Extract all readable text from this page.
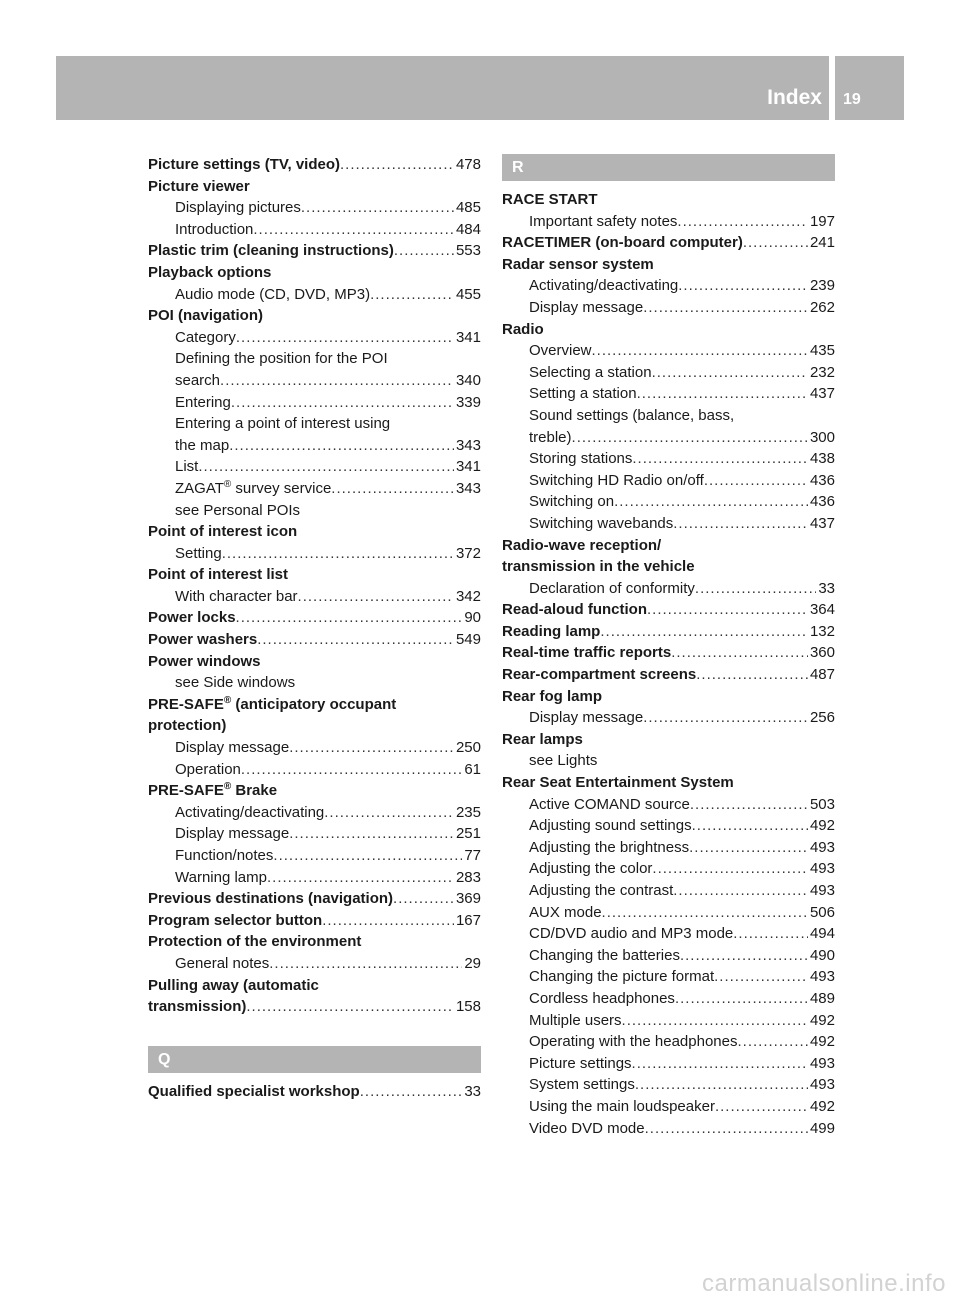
Index 19
Picture settings (TV, video) .....	478
Picture viewer
Displaying pictures .....	485
Introduction .....	484
Plastic trim (cleaning instructions) .....	553
Playback options
Audio mode (CD, DVD, MP3) .....	455
POI (navigation)
Category .....	341
Defining the position for the POI
search .....	340
Entering .....	339
Entering a point of interest using
the map .....	343
List .....	341
ZAGAT® survey service .....	343
see Personal POIs
Point of interest icon
Setting .....	372
Point of interest list
With character bar .....	342
Power locks .....	90
Power washers .....	549
Power windows
see Side windows
PRE-SAFE® (anticipatory occupant
protection)
Display message .....	250
Operation .....	61
PRE-SAFE® Brake
Activating/deactivating .....	235
Display message .....	251
Function/notes .....	77
Warning lamp .....	283
Previous destinations (navigation) .....	369
Program selector button .....	167
Protection of the environment
General notes .....	29
Pulling away (automatic
transmission) .....	158
Q
Qualified specialist workshop .....	33
R
RACE START
Important safety notes .....	197
RACETIMER (on-board computer) .....	241
Radar sensor system
Activating/deactivating .....	239
Display message .....	262
Radio
Overview .....	435
Selecting a station .....	232
Setting a station .....	437
Sound settings (balance, bass,
treble) .....	300
Storing stations .....	438
Switching HD Radio on/off .....	436
Switching on .....	436
Switching wavebands .....	437
Radio-wave reception/
transmission in the vehicle
Declaration of conformity .....	33
Read-aloud function .....	364
Reading lamp .....	132
Real-time traffic reports .....	360
Rear-compartment screens .....	487
Rear fog lamp
Display message .....	256
Rear lamps
see Lights
Rear Seat Entertainment System
Active COMAND source .....	503
Adjusting sound settings .....	492
Adjusting the brightness .....	493
Adjusting the color .....	493
Adjusting the contrast .....	493
AUX mode .....	506
CD/DVD audio and MP3 mode .....	494
Changing the batteries .....	490
Changing the picture format .....	493
Cordless headphones .....	489
Multiple users .....	492
Operating with the headphones .....	492
Picture settings .....	493
System settings .....	493
Using the main loudspeaker .....	492
Video DVD mode .....	499
carmanualsonline.info
